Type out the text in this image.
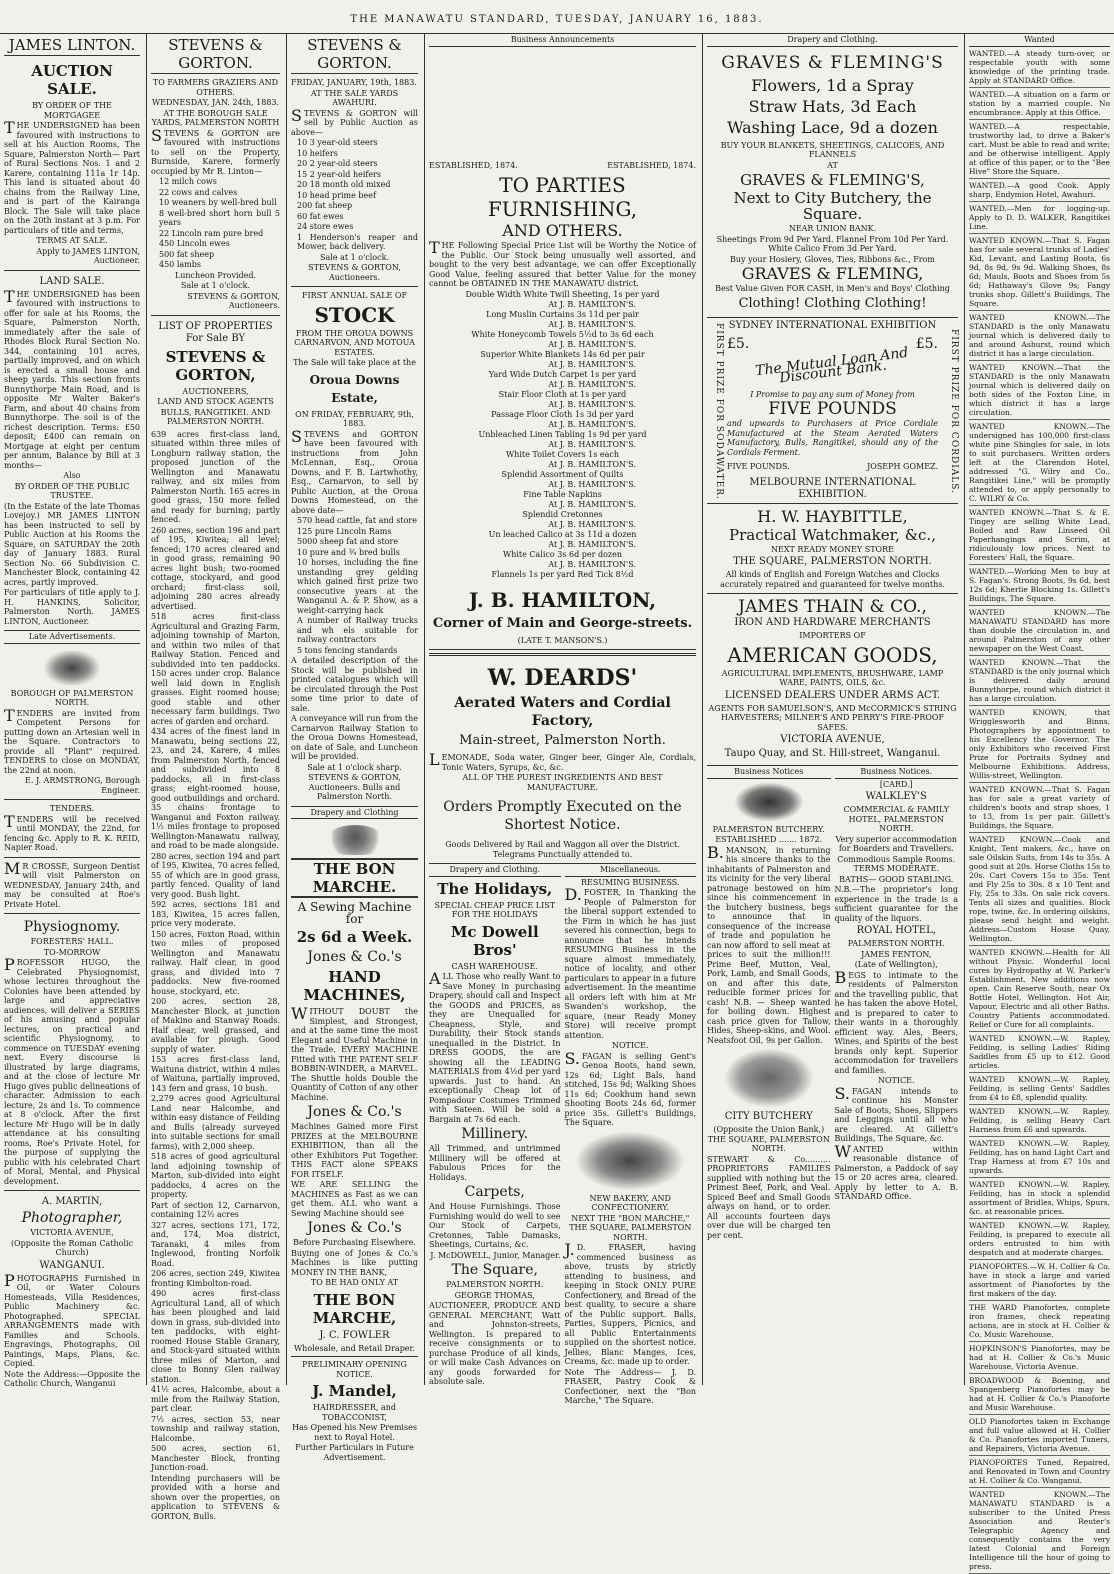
THE MANAWATU STANDARD, TUESDAY, JANUARY 16, 1883.
JAMES LINTON.
AUCTION SALE.
BY ORDER OF THE MORTGAGEE
THE UNDERSIGNED has been favoured with instructions to sell at his Auction Rooms, The Square, Palmerston North— Part of Rural Sections Nos. 1 and 2 Karere, containing 111a 1r 14p. This land is situated about 40 chains from the Railway Line, and is part of the Kairanga Block. The Sale will take place on the 20th instant at 3 p.m. For particulars of title and terms,
TERMS AT SALE.
Apply to JAMES LINTON, Auctioneer.
LAND SALE.
THE UNDERSIGNED has been favoured with instructions to offer for sale at his Rooms, the Square, Palmerston North, immediately after the sale of Rhodes Block Rural Section No. 344, containing 101 acres, partially improved, and on which is erected a small house and sheep yards. This section fronts Bunnythorpe Main Road, and is opposite Mr Walter Baker's Farm, and about 40 chains from Bunnythorpe. The soil is of the richest description. Terms: £50 deposit; £400 can remain on Mortgage at eight per centum per annum, Balance by Bill at 3 months—
Also
BY ORDER OF THE PUBLIC TRUSTEE.
(In the Estate of the late Thomas Lovejoy.) MR JAMES LINTON has been instructed to sell by Public Auction at his Rooms the Square, on SATURDAY the 20th day of January 1883. Rural Section No. 66 Subdivision C. Manchester Block, containing 42 acres, partly improved.
For particulars of title apply to J. H. HANKINS, Solicitor, Palmerston North. JAMES LINTON, Auctioneer.
Late Advertisements.
BOROUGH OF PALMERSTON NORTH.
TENDERS are invited from Competent Persons for putting down an Artesian well in the Square. Contractors to provide all "Plant" required. TENDERS to close on MONDAY, the 22nd at noon.
E. J. ARMSTRONG, Borough Engineer.
TENDERS.
TENDERS will be received until MONDAY, the 22nd, for fencing &c. Apply to R. K. REID, Napier Road.
MR CROSSE, Surgeon Dentist will visit Palmerston on WEDNESDAY, January 24th, and may be consulted at Roe's Private Hotel.
Physiognomy.
FORESTERS' HALL.
TO-MORROW
PROFESSOR HUGO, the Celebrated Physiognomist, whose lectures throughout the Colonies have been attended by large and appreciative audiences, will deliver a SERIES of his amusing and popular lectures, on practical and scientific Physiognomy, to commence on TUESDAY evening next. Every discourse is illustrated by large diagrams, and at the close of lecture Mr Hugo gives public delineations of character. Admission to each lecture, 2s and 1s. To commence at 8 o'clock. After the first lecture Mr Hugo will be in daily attendance at his consulting rooms, Roe's Private Hotel, for the purpose of supplying the public with his celebrated Chart of Moral, Mental, and Physical development.
A. MARTIN,
Photographer,
VICTORIA AVENUE,
(Opposite the Roman Catholic Church)
WANGANUI.
PHOTOGRAPHS Furnished in Oil, or Water Colours Homesteads, Villa Residences, Public Machinery &c. Photographed. SPECIAL ARRANGEMENTS made with Families and Schools. Engravings, Photographs, Oil Paintings, Maps, Plans, &c. Copied.
Note the Address:—Opposite the Catholic Church, Wanganui
STEVENS & GORTON.
TO FARMERS GRAZIERS AND OTHERS.
WEDNESDAY, JAN. 24th, 1883.
AT THE BOROUGH SALE YARDS, PALMERSTON NORTH
STEVENS & GORTON are favoured with instructions to sell on the Property, Burnside, Karere, formerly occupied by Mr R. Linton—
12 milch cows
22 cows and calves
10 weaners by well-bred bull
8 well-bred short horn bull 5 years
22 Lincoln ram pure bred
450 Lincoln ewes
500 fat sheep
450 lambs
Luncheon Provided.
Sale at 1 o'clock.
STEVENS & GORTON, Auctioneers.
LIST OF PROPERTIES For Sale BY
STEVENS & GORTON,
AUCTIONEERS,
LAND AND STOCK AGENTS
BULLS, RANGITIKEI. AND PALMERSTON NORTH.
639 acres first-class land, situated within three miles of Longburn railway station, the proposed junction of the Wellington and Manawatu railway, and six miles from Palmerston North. 165 acres in good grass, 150 more felled and ready for burning; partly fenced.
260 acres, section 196 and part of 195, Kiwitea; all level; fenced; 170 acres cleared and in good grass, remaining 90 acres light bush; two-roomed cottage, stockyard, and good orchard; first-class soil, adjoining 280 acres already advertised.
518 acres first-class Agricultural and Grazing Farm, adjoining township of Marton, and within two miles of that Railway Station. Fenced and subdivided into ten paddocks. 150 acres under crop. Balance well laid down in English grasses. Eight roomed house; good stable and other necessary farm buildings. Two acres of garden and orchard.
434 acres of the finest land in Manawatu, being sections 22, 23, and 24, Karere, 4 miles from Palmerston North, fenced and subdivided into 8 paddocks, all in first-class grass; eight-roomed house, good outbuildings and orchard. 35 chains frontage to Wanganui and Foxton railway. 1½ miles frontage to proposed Wellington-Manawatu railway, and road to be made alongside.
280 acres, section 194 and part of 195, Kiwitea, 70 acres felled, 55 of which are in good grass, partly fenced. Quality of land very good. Bush light.
592 acres, sections 181 and 183, Kiwitea, 15 acres fallen, price very moderate.
150 acres, Foxton Road, within two miles of proposed Wellington and Manawatu railway. Half clear, in good grass, and divided into 7 paddocks. New five-roomed house, stockyard, etc.
200 acres, section 28, Manchester Block, at junction of Makino and Stanway Roads. Half clear, well grassed, and available for plough. Good supply of water.
153 acres first-class land, Waituna district, within 4 miles of Waituna, partially improved, 143 fern and grass, 10 bush.
2,279 acres good Agricultural Land near Halcombe, and within easy distance of Feilding and Bulls (already surveyed into suitable sections for small farms), with 2,000 sheep.
518 acres of good agricultural land adjoining township of Marton, sub-divided into eight paddocks, 4 acres on the property.
Part of section 12, Carnarvon, containing 12½ acres
327 acres, sections 171, 172, and, 174, Moa district, Taranaki, 4 miles from Inglewood, fronting Norfolk Road.
206 acres, section 249, Kiwitea fronting Kimbolton-road.
490 acres first-class Agricultural Land, all of which has been ploughed and laid down in grass, sub-divided into ten paddocks, with eight-roomed House Stable Granary, and Stock-yard situated within three miles of Marton, and close to Bonny Glen railway station.
41½ acres, Halcombe, about a mile from the Railway Station, part clear.
7½ acres, section 53, near township and railway station, Halcombe.
500 acres, section 61, Manchester Block, fronting Junction-road.
Intending purchasers will be provided with a horse and shown over the properties, on application to STEVENS & GORTON, Bulls.
STEVENS & GORTON.
FRIDAY, JANUARY, 19th, 1883.
AT THE SALE YARDS AWAHURI.
STEVENS & GORTON will sell by Public Auction as above—
10 3 year-old steers
10 heifers
20 2 year-old steers
15 2 year-old heifers
20 18 month old mixed
10 head prime beef
200 fat sheep
60 fat ewes
24 store ewes
1 Henderson's reaper and Mower, back delivery.
Sale at 1 o'clock.
STEVENS & GORTON, Auctioneers.
FIRST ANNUAL SALE OF
STOCK
FROM THE OROUA DOWNS CARNARVON, AND MOTOUA ESTATES.
The Sale will take place at the
Oroua Downs Estate,
ON FRIDAY, FEBRUARY, 9th, 1883.
STEVENS and GORTON have been favoured with instructions from John McLennan, Esq., Oroua Downs, and F. B. Lartwhothy, Esq., Carnarvon, to sell by Public Auction, at the Oroua Downs Homestead, on the above date—
570 head cattle, fat and store
125 pure Lincoln Rams
5000 sheep fat and store
10 pure and ¾ bred bulls
10 horses, including the fine unstanding grey gelding which gained first prize two consecutive years at the Wanganui A. & P. Show, as a weight-carrying hack
A number of Railway trucks and wh els suitable for railway contractors
5 tons fencing standards
A detailed description of the Stock will be published in printed catalogues which will be circulated through the Post some time prior to date of sale.
A conveyance will run from the Carnarvon Railway Station to the Oroua Downs Homestead, on date of Sale, and Luncheon will be provided.
Sale at 1 o'clock sharp.
STEVENS & GORTON, Auctioneers. Bulls and Palmerston North.
Drapery and Clothing
THE BON MARCHE.
A Sewing Machine for
2s 6d a Week.
Jones & Co.'s
HAND MACHINES,
WITHOUT DOUBT the Simplest, and Strongest, and at the same time the most Elegant and Useful Machine in the Trade. EVERY MACHINE Fitted with THE PATENT SELF BOBBIN-WINDER, a MARVEL. The Shuttle holds Double the Quantity of Cotton of any other Machine.
Jones & Co.'s
Machines Gained more First PRIZES at the MELBOURNE EXHIBITION, than all the other Exhibitors Put Together. THIS FACT alone SPEAKS FOR ITSELF.
WE ARE SELLING the MACHINES as Fast as we can get them. ALL who want a Sewing Machine should see
Jones & Co.'s
Before Purchasing Elsewhere.
Buying one of Jones & Co.'s Machines is like putting MONEY IN THE BANK,
TO BE HAD ONLY AT
THE BON MARCHE,
J. C. FOWLER
Wholesale, and Retail Draper.
PRELIMINARY OPENING NOTICE.
J. Mandel,
HAIRDRESSER, and TOBACCONIST,
Has Opened his New Premises next to Royal Hotel.
Further Particulars in Future Advertisement.
Business Announcements
ESTABLISHED, 1874.	ESTABLISHED, 1874.
TO PARTIES FURNISHING,
AND OTHERS.
THE Following Special Price List will be Worthy the Notice of the Public. Our Stock being unusually well assorted, and bought to the very best advantage, we can offer Exceptionally Good Value, feeling assured that better Value for the money cannot be OBTAINED IN THE MANAWATU district.
Double Width White Twill Sheeting, 1s per yard
At J. B. HAMILTON'S.
Long Muslin Curtains 3s 11d per pair
At J. B. HAMILTON'S.
White Honeycomb Towels 5½d to 3s 6d each
At J. B. HAMILTON'S.
Superior White Blankets 14s 6d per pair
At J. B. HAMILTON'S.
Yard Wide Dutch Carpet 1s per yard
At J. B. HAMILTON'S.
Stair Floor Cloth at 1s per yard
At J. B. HAMILTON'S.
Passage Floor Cloth 1s 3d per yard
At J. B. HAMILTON'S.
Unbleached Linen Tabling 1s 9d per yard
At J. B. HAMILTON'S.
White Toilet Covers 1s each
At J. B. HAMILTON'S.
Splendid Assortment of Quilts
At J. B. HAMILTON'S.
Fine Table Napkins
At J. B. HAMILTON'S.
Splendid Cretonnes
At J. B. HAMILTON'S.
Un leached Calico at 3s 11d a dozen
At J. B. HAMILTON'S.
White Calico 3s 6d per dozen
At J. B. HAMILTON'S.
Flannels 1s per yard Red Tick 8½d
J. B. HAMILTON,
Corner of Main and George-streets.
(LATE T. MANSON'S.)
W. DEARDS'
Aerated Waters and Cordial Factory,
Main-street, Palmerston North.
LEMONADE, Soda water, Ginger beer, Ginger Ale, Cordials, Tonic Waters, Syrups, &c, &c.
ALL OF THE PUREST INGREDIENTS AND BEST MANUFACTURE.
Orders Promptly Executed on the Shortest Notice.
Goods Delivered by Rail and Waggon all over the District. Telegrams Punctually attended to.
Drapery and Clothing.
The Holidays,
SPECIAL CHEAP PRICE LIST FOR THE HOLIDAYS
Mc Dowell Bros'
CASH WAREHOUSE.
ALL Those who really Want to Save Money in purchasing Drapery, should call and Inspect the GOODS and PRICES, as they are Unequalled for Cheapness, Style, and Durability, their Stock stands unequalled in the District. In DRESS GOODS, the are showing all the LEADING MATERIALS from 4½d per yard upwards. Just to hand. An exceptionally Cheap lot of Pompadour Costumes Trimmed with Sateen. Will be sold a Bargain at 7s 6d each.
Millinery.
All Trimmed, and untrimmed Millinery will be offered at Fabulous Prices for the Holidays.
Carpets,
And House Furnishings. Those Furnishing would do well to see Our Stock of Carpets, Cretonnes, Table Damasks, Sheetings, Curtains, &c.
J. McDOWELL, Junior, Manager.
The Square,
PALMERSTON NORTH.
GEORGE THOMAS,
AUCTIONEER, PRODUCE AND GENERAL MERCHANT, Watt and Johnston-streets, Wellington. Is prepared to receive consignments or to purchase Produce of all kinds, or will make Cash Advances on any goods forwarded for absolute sale.
Miscellaneous.
RESUMING BUSINESS.
D.FOSTER, In Thanking the People of Palmerston for the liberal support extended to the Firm in which he has just severed his connection, begs to announce that he intends RESUMING Business in the square almost immediately, notice of locality, and other particulars to appear in a future advertisement. In the meantime all orders left with him at Mr Swanden's workshop, the square, (near Ready Money Store) will receive prompt attention.
NOTICE.
S.FAGAN is selling Gent's Genoa Boots, hand sewn, 12s 6d; Light Bals, hand stitched, 15s 9d; Walking Shoes 11s 6d; Cookhum hand sewn Shooting Boots 24s 6d, former price 35s. Gillett's Buildings, The Square.
NEW BAKERY, AND CONFECTIONERY.
NEXT THE "BON MARCHE," THE SQUARE, PALMERSTON NORTH.
J.D. FRASER, having commenced business as above, trusts by strictly attending to business, and keeping in Stock ONLY PURE Confectionery, and Bread of the best quality, to secure a share of the Public support. Balls, Parties, Suppers, Picnics, and all Public Entertainments supplied on the shortest notice. Jellies, Blanc Manges, Ices, Creams, &c. made up to order.
Note The Address— J. D. FRASER, Pastry Cook & Confectioner, next the "Bon Marche," The Square.
Drapery and Clothing.
GRAVES & FLEMING'S
Flowers, 1d a Spray
Straw Hats, 3d Each
Washing Lace, 9d a dozen
BUY YOUR BLANKETS, SHEETINGS, CALICOES, AND FLANNELS
AT
GRAVES & FLEMING'S,
Next to City Butchery, the Square.
NEAR UNION BANK.
Sheetings From 9d Per Yard. Flannel From 10d Per Yard. White Calico From 3d Per Yard.
Buy your Hosiery, Gloves, Ties, Ribbons &c., From
GRAVES & FLEMING,
Best Value Given FOR CASH, in Men's and Boys' Clothing
Clothing! Clothing Clothing!
FIRST PRIZE FOR SODAWATER.	FIRST PRIZE FOR CORDIALS.
SYDNEY INTERNATIONAL EXHIBITION
£5.	£5.
The Mutual Loan And Discount Bank.
I Promise to pay any sum of Money from
FIVE POUNDS
and upwards to Purchasers at Price Cordiale Manufactured at the Steam Aerated Waters Manufactory, Bulls, Rangitikei, should any of the Cordials Ferment.
FIVE POUNDS.	JOSEPH GOMEZ.
MELBOURNE INTERNATIONAL EXHIBITION.
H. W. HAYBITTLE,
Practical Watchmaker, &c.,
NEXT READY MONEY STORE
THE SQUARE, PALMERSTON NORTH.
All kinds of English and Foreign Watches and Clocks accurately repaired and guaranteed for twelve months.
JAMES THAIN & CO.,
IRON AND HARDWARE MERCHANTS
IMPORTERS OF
AMERICAN GOODS,
AGRICULTURAL IMPLEMENTS, BRUSHWARE, LAMP WARE, PAINTS, OILS, &c.
LICENSED DEALERS UNDER ARMS ACT.
AGENTS FOR SAMUELSON'S, AND McCORMICK'S STRING HARVESTERS; MILNER'S AND PERRY'S FIRE-PROOF SAFES.
VICTORIA AVENUE,
Taupo Quay, and St. Hill-street, Wanganui.
Business Notices
PALMERSTON BUTCHERY.
ESTABLISHED ....... 1872.
B.MANSON, in returning his sincere thanks to the inhabitants of Palmerston and its vicinity for the very liberal patronage bestowed on him since his commencement in the butchery business, begs to announce that in consequence of the increase of trade and population he can now afford to sell meat at prices to suit the million!!! Prime Beef, Mutton, Veal, Pork, Lamb, and Small Goods, on and after this date, reducible former prices for cash! N.B. — Sheep wanted for boiling down. Highest cash price given for Tallow, Hides, Sheep-skins, and Wool. Neatsfoot Oil, 9s per Gallon.
CITY BUTCHERY
(Opposite the Union Bank,) THE SQUARE, PALMERSTON NORTH.
STEWART & Co.......... PROPRIETORS FAMILIES supplied with nothing but the Primest Beef, Pork, and Veal. Spiced Beef and Small Goods always on hand, or to order. All accounts fourteen days over due will be charged ten per cent.
Business Notices.
[CARD.]
WALKLEY'S
COMMERCIAL & FAMILY HOTEL, PALMERSTON NORTH.
Very superior accommodation for Boarders and Travellers.
Commodious Sample Rooms. TERMS MODERATE.
BATHS— GOOD STABLING.
N.B.—The proprietor's long experience in the trade is a sufficient guarantee for the quality of the liquors.
ROYAL HOTEL,
PALMERSTON NORTH.
JAMES FENTON,
(Late of Wellington),
BEGS to intimate to the residents of Palmerston and the travelling public, that he has taken the above Hotel, and is prepared to cater to their wants in a thoroughly efficient way. Ales, Beers, Wines, and Spirits of the best brands only kept. Superior accommodation for travellers and families.
NOTICE.
S.FAGAN intends to continue his Monster Sale of Boots, Shoes, Slippers and Leggings until all who are cleared. At Gillett's Buildings, The Square, &c.
WANTED within reasonable distance of Palmerston, a Paddock of say 15 or 20 acres area, cleared. Apply by letter to A. B. STANDARD Office.
Wanted
WANTED.—A steady turn-over, or respectable youth with some knowledge of the printing trade. Apply at STANDARD Office.
WANTED.—A situation on a farm or station by a married couple. No encumbrance. Apply at this Office.
WANTED.—A respectable, trustworthy lad, to drive a Baker's cart. Must be able to read and write; and be otherwise intelligent. Apply at office of this paper, or to the "Bee Hive" Store the Square.
WANTED.—A good Cook. Apply sharp, Endymion Hotel, Awahuri.
WANTED.—Men for logging-up. Apply to D. D. WALKER, Rangitikei Line.
WANTED KNOWN.—That S. Fagan has for sale several trunks of Ladies' Kid, Levant, and Lasting Boots, 6s 9d, 8s 9d, 9s 9d. Walking Shoes, 8s 6d; Mauls, Boots and Shoes from 5s 6d; Hathaway's Glove 9s; Fangy trunks shop. Gillett's Buildings, The Square.
WANTED KNOWN.—The STANDARD is the only Manawatu journal which is delivered daily to and around Ashurst, round which district it has a large circulation.
WANTED KNOWN.—That the STANDARD is the only Manawatu journal which is delivered daily on both sides of the Foxton Line, in which district it has a large circulation.
WANTED KNOWN.—The undersigned has 100,000 first-class white pine Shingles for sale, in lots to suit purchasers. Written orders left at the Clarendon Hotel, addressed "G. Wilry and Co., Rangitikei Line," will be promptly attended to, or apply personally to C. WILRY & Co.
WANTED KNOWN.—That S. & E. Tingey are selling White Lead, Boiled and Raw Linseed Oil Paperhangings and Scrim, at ridiculously low prices. Next to Foresters' Hall, the Square.
WANTED.—Working Men to buy at S. Fagan's. Strong Boots, 9s 6d, best 12s 6d; Kherlie Blocking 1s. Gillett's Buildings, The Square.
WANTED KNOWN.—The MANAWATU STANDARD has more than double the circulation in, and around Palmerston of any other newspaper on the West Coast.
WANTED KNOWN.—That the STANDARD is the only journal which is delivered daily around Bunnythorpe, round which district it has a large circulation.
WANTED KNOWN, that Wrigglesworth and Binns, Photographers by appointment to his Excellency the Governor. The only Exhibitors who received First Prize for Portraits Sydney and Melbourne Exhibitions. Address, Willis-street, Wellington.
WANTED KNOWN.—That S. Fagan has for sale a great variety of children's boots and strap shoes, 1 to 13, from 1s per pair. Gillett's Buildings, the Square.
WANTED KNOWN.—Cook and Knight, Tent makers, &c., have on sale Oilskin Suits, from 14s to 35s. A good suit at 20s. Horse Cloths 15s to 20s. Cart Covers 15s to 35s. Tent and Fly 25s to 30s. 8 x 10 Tent and Fly, 25s to 33s. On sale rick covers. Tents all sizes and qualities. Block rope, twine, &c. In ordering oilskins, please send height and weight. Address—Custom House Quay, Wellington.
WANTED KNOWN.—Health for All without Physic. Wonderful local cures by Hydropathy at W. Parker's Establishment. New additions now open. Cain Reserve South, near Ox Bottle Hotel, Wellington. Hot Air, Vapour, Electric and all other Baths. Country Patients accommodated. Relief or Cure for all complaints.
WANTED KNOWN.—W. Rapley, Feilding, is selling Ladies' Riding Saddles from £5 up to £12. Good articles.
WANTED KNOWN.—W. Rapley, Feilding, is selling Gents' Saddles from £4 to £8, splendid quality.
WANTED KNOWN.—W. Rapley, Feilding, is selling Heavy Cart Harness from £6 and upwards.
WANTED KNOWN.—W. Rapley, Feilding, has on hand Light Cart and Trap Harness at from £7 10s and upwards.
WANTED KNOWN.—W. Rapley, Feilding, has in stock a splendid assortment of Bridles, Whips, Spurs, &c. at reasonable prices.
WANTED KNOWN.—W. Rapley, Feilding, is prepared to execute all orders entrusted to him with despatch and at moderate charges.
PIANOFORTES.—W. H. Collier & Co. have in stock a large and varied assortment of Pianofortes by the first makers of the day.
THE WARD Pianofortes, complete iron frames, check repeating actions, are in stock at H. Collier & Co. Music Warehouse.
HOPKINSON'S Pianofortes, may be had at H. Collier & Co.'s Music Warehouse, Victoria Avenue.
BROADWOOD & Boening, and Spangenberg Pianofortes may be had at H. Collier & Co.'s Pianoforte and Music Warehouse.
OLD Pianofortes taken in Exchange and full value allowed at H. Collier & Co. Pianofortes imported Tuners, and Repairers, Victoria Avenue.
PIANOFORTES Tuned, Repaired, and Renovated in Town and Country at H. Collier & Co. Wanganui.
WANTED KNOWN.—The MANAWATU STANDARD is a subscriber to the United Press Association and Reuter's Telegraphic Agency and consequently contains the very latest Colonial and Foreign Intelligence till the hour of going to press.
